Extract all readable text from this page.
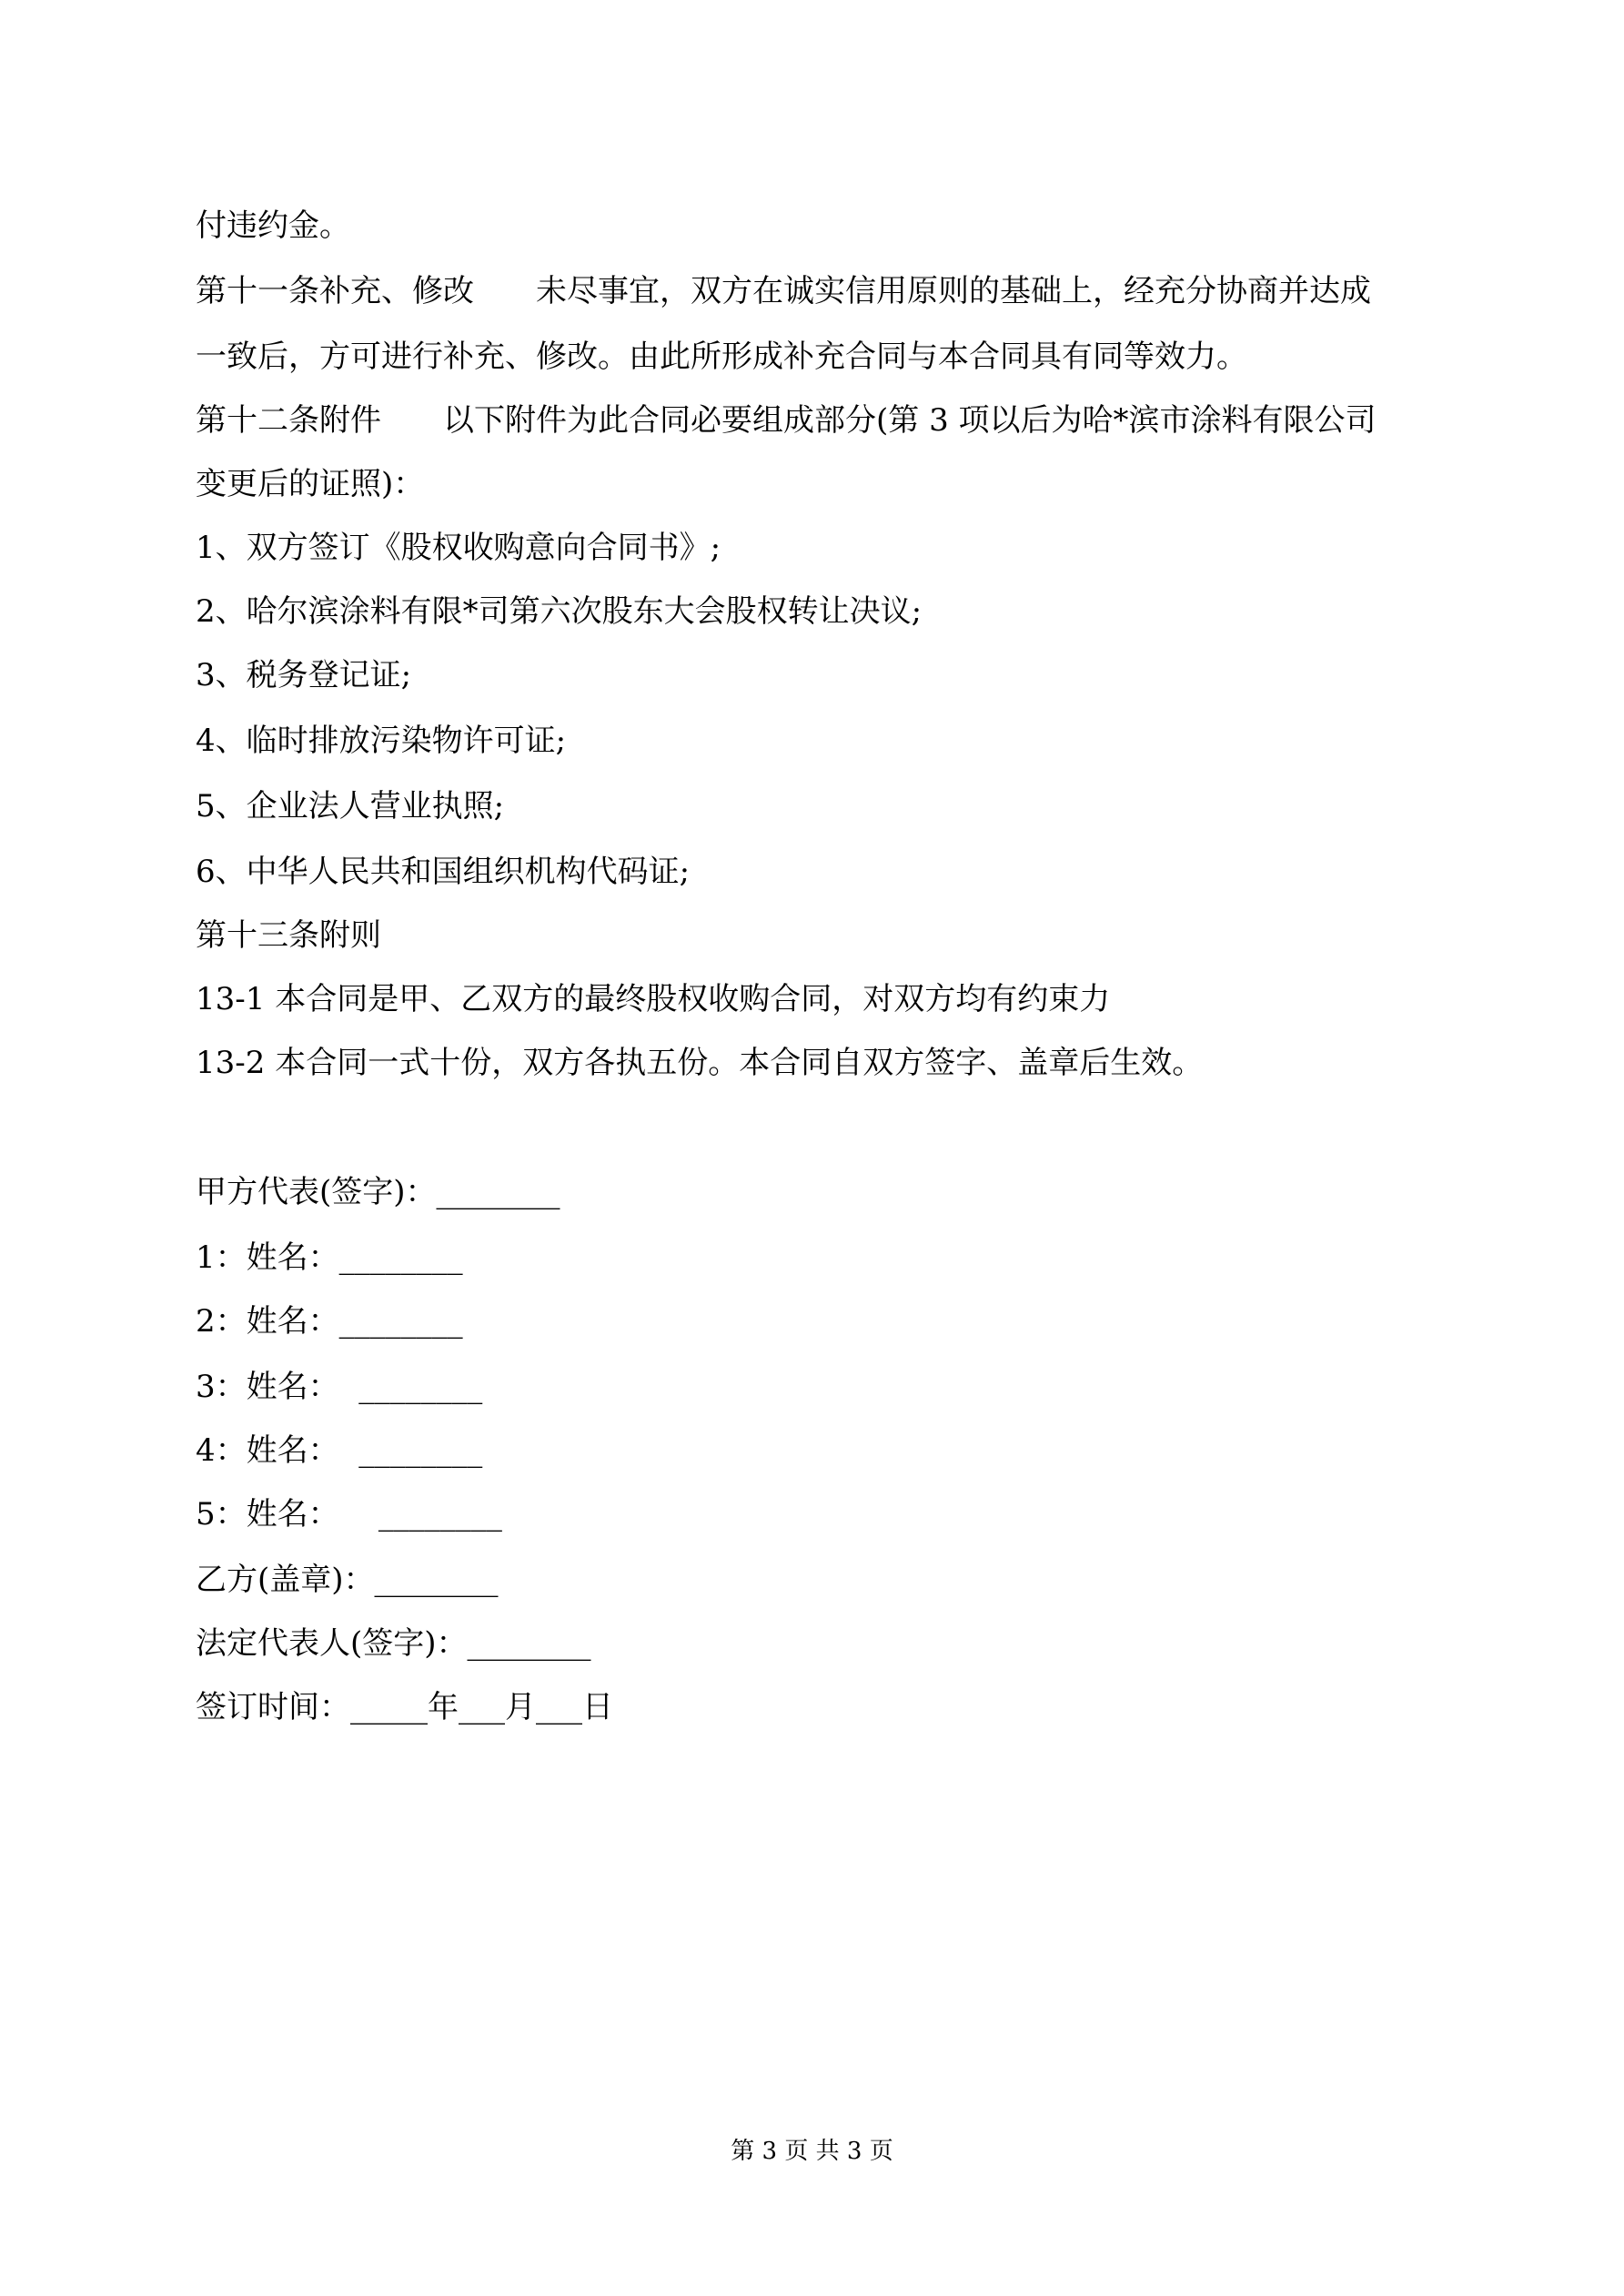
付违约金。
第十一条补充、修改　　未尽事宜，双方在诚实信用原则的基础上，经充分协商并达成
一致后，方可进行补充、修改。由此所形成补充合同与本合同具有同等效力。
第十二条附件　　以下附件为此合同必要组成部分(第 3 项以后为哈*滨市涂料有限公司
变更后的证照)：
1、双方签订《股权收购意向合同书》;
2、哈尔滨涂料有限*司第六次股东大会股权转让决议;
3、税务登记证;
4、临时排放污染物许可证;
5、企业法人营业执照;
6、中华人民共和国组织机构代码证;
第十三条附则
13-1 本合同是甲、乙双方的最终股权收购合同，对双方均有约束力
13-2 本合同一式十份，双方各执五份。本合同自双方签字、盖章后生效。
甲方代表(签字)：________
1：姓名：________
2：姓名：________
3：姓名：  ________
4：姓名：  ________
5：姓名：    ________
乙方(盖章)：________
法定代表人(签字)：________
签订时间：_____年___月___日
第 3 页 共 3 页
